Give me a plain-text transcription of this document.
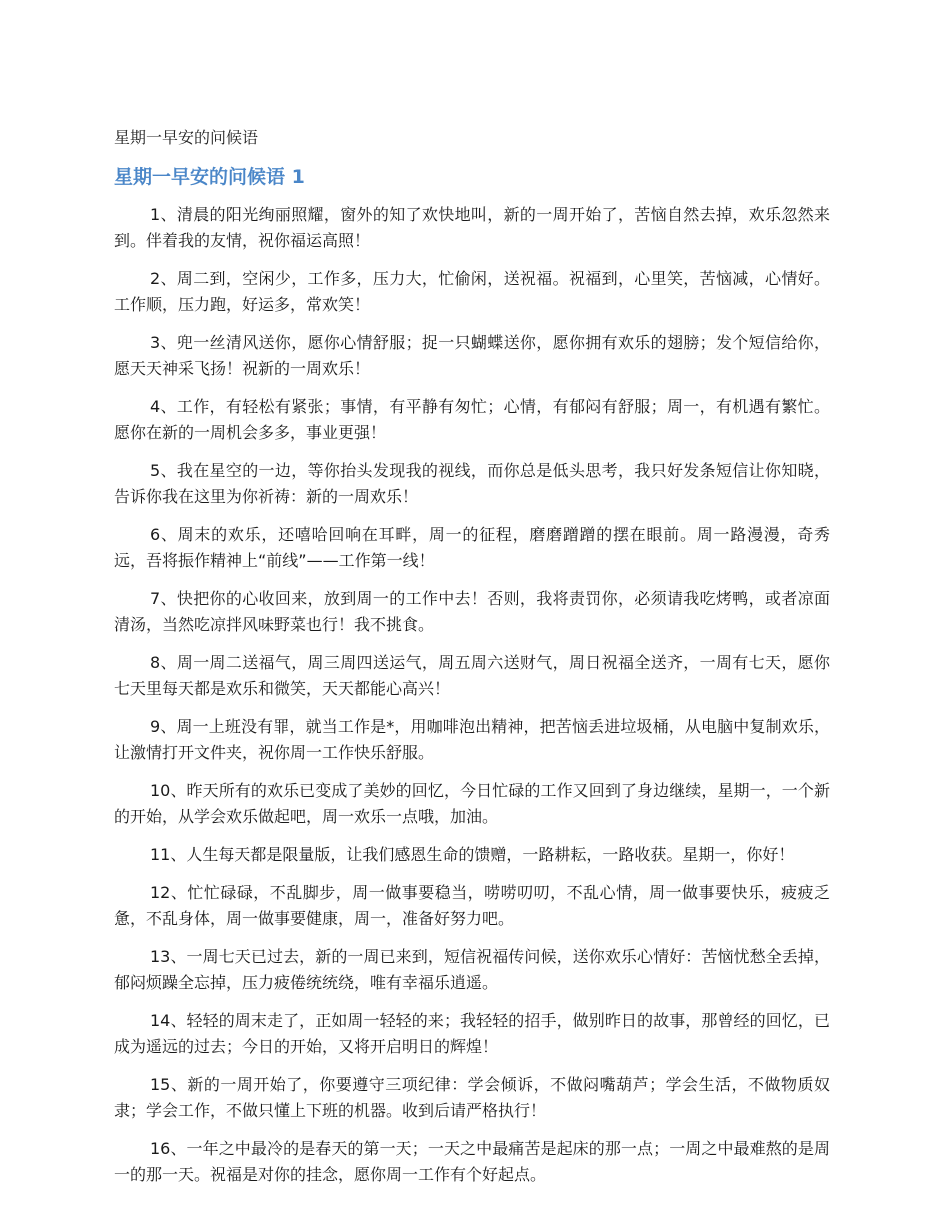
星期一早安的问候语
星期一早安的问候语 1

1、清晨的阳光绚丽照耀，窗外的知了欢快地叫，新的一周开始了，苦恼自然去掉，欢乐忽然来到。伴着我的友情，祝你福运高照！

2、周二到，空闲少，工作多，压力大，忙偷闲，送祝福。祝福到，心里笑，苦恼减，心情好。工作顺，压力跑，好运多，常欢笑！

3、兜一丝清风送你，愿你心情舒服；捉一只蝴蝶送你，愿你拥有欢乐的翅膀；发个短信给你，愿天天神采飞扬！祝新的一周欢乐！

4、工作，有轻松有紧张；事情，有平静有匆忙；心情，有郁闷有舒服；周一，有机遇有繁忙。愿你在新的一周机会多多，事业更强！

5、我在星空的一边，等你抬头发现我的视线，而你总是低头思考，我只好发条短信让你知晓，告诉你我在这里为你祈祷：新的一周欢乐！

6、周末的欢乐，还嘻哈回响在耳畔，周一的征程，磨磨蹭蹭的摆在眼前。周一路漫漫，奇秀远，吾将振作精神上“前线”——工作第一线！

7、快把你的心收回来，放到周一的工作中去！否则，我将责罚你，必须请我吃烤鸭，或者凉面清汤，当然吃凉拌风味野菜也行！我不挑食。

8、周一周二送福气，周三周四送运气，周五周六送财气，周日祝福全送齐，一周有七天，愿你七天里每天都是欢乐和微笑，天天都能心高兴！

9、周一上班没有罪，就当工作是*，用咖啡泡出精神，把苦恼丢进垃圾桶，从电脑中复制欢乐，让激情打开文件夹，祝你周一工作快乐舒服。

10、昨天所有的欢乐已变成了美妙的回忆，今日忙碌的工作又回到了身边继续，星期一，一个新的开始，从学会欢乐做起吧，周一欢乐一点哦，加油。

11、人生每天都是限量版，让我们感恩生命的馈赠，一路耕耘，一路收获。星期一，你好！

12、忙忙碌碌，不乱脚步，周一做事要稳当，唠唠叨叨，不乱心情，周一做事要快乐，疲疲乏惫，不乱身体，周一做事要健康，周一，准备好努力吧。

13、一周七天已过去，新的一周已来到，短信祝福传问候，送你欢乐心情好：苦恼忧愁全丢掉，郁闷烦躁全忘掉，压力疲倦统统绕，唯有幸福乐逍遥。

14、轻轻的周末走了，正如周一轻轻的来；我轻轻的招手，做别昨日的故事，那曾经的回忆，已成为遥远的过去；今日的开始，又将开启明日的辉煌！

15、新的一周开始了，你要遵守三项纪律：学会倾诉，不做闷嘴葫芦；学会生活，不做物质奴隶；学会工作，不做只懂上下班的机器。收到后请严格执行！

16、一年之中最冷的是春天的第一天；一天之中最痛苦是起床的那一点；一周之中最难熬的是周一的那一天。祝福是对你的挂念，愿你周一工作有个好起点。
